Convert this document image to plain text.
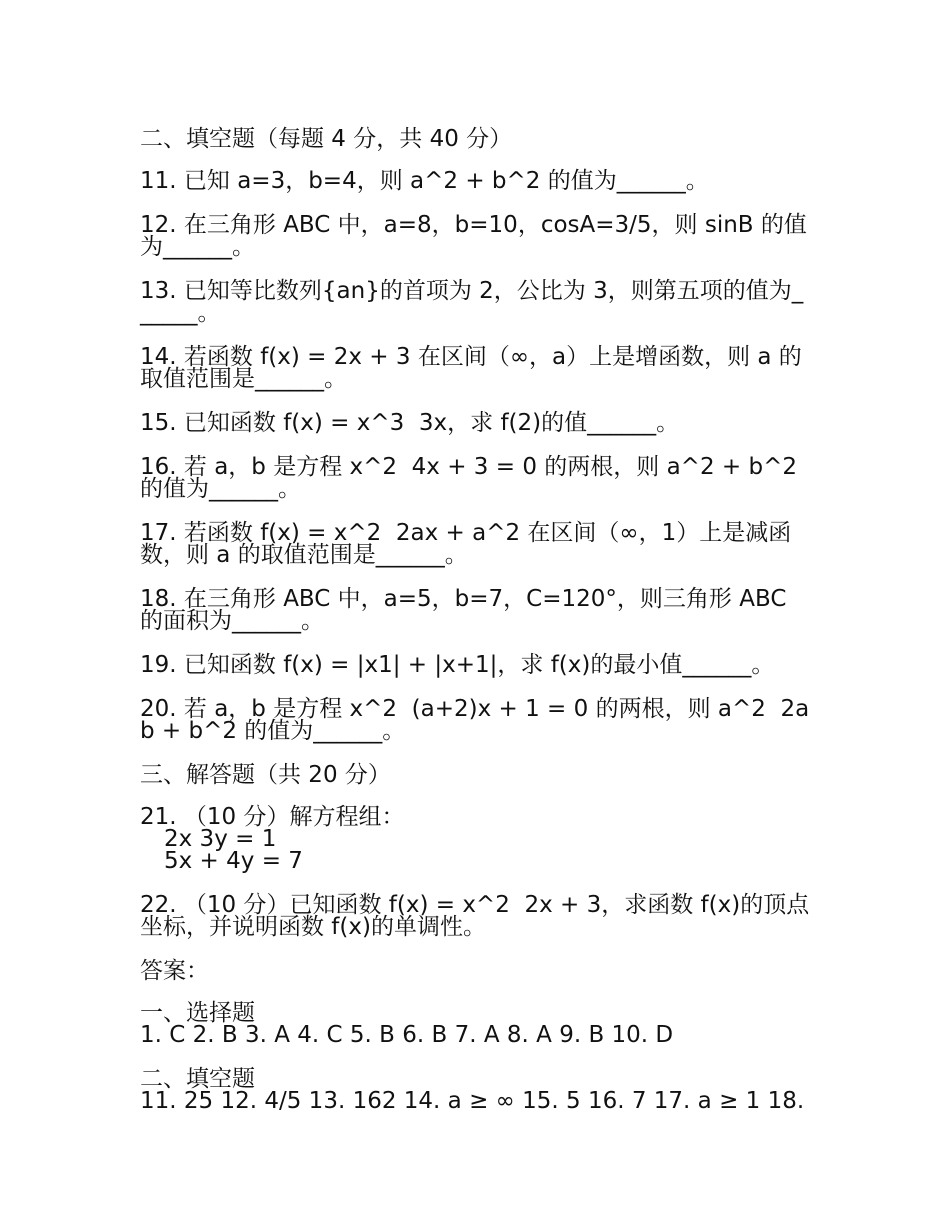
二、填空题（每题 4 分，共 40 分）
11. 已知 a=3，b=4，则 a^2 + b^2 的值为______。
12. 在三角形 ABC 中，a=8，b=10，cosA=3/5，则 sinB 的值为______。
13. 已知等比数列{an}的首项为 2，公比为 3，则第五项的值为______。
14. 若函数 f(x) = 2x + 3 在区间（∞，a）上是增函数，则 a 的取值范围是______。
15. 已知函数 f(x) = x^3  3x，求 f(2)的值______。
16. 若 a，b 是方程 x^2  4x + 3 = 0 的两根，则 a^2 + b^2 的值为______。
17. 若函数 f(x) = x^2  2ax + a^2 在区间（∞，1）上是减函数，则 a 的取值范围是______。
18. 在三角形 ABC 中，a=5，b=7，C=120°，则三角形 ABC 的面积为______。
19. 已知函数 f(x) = |x1| + |x+1|，求 f(x)的最小值______。
20. 若 a，b 是方程 x^2  (a+2)x + 1 = 0 的两根，则 a^2  2ab + b^2 的值为______。
三、解答题（共 20 分）
21. （10 分）解方程组：
2x 3y = 1
5x + 4y = 7
22. （10 分）已知函数 f(x) = x^2  2x + 3，求函数 f(x)的顶点坐标，并说明函数 f(x)的单调性。
答案：
一、选择题
1. C 2. B 3. A 4. C 5. B 6. B 7. A 8. A 9. B 10. D
二、填空题
11. 25 12. 4/5 13. 162 14. a ≥ ∞ 15. 5 16. 7 17. a ≥ 1 18.
